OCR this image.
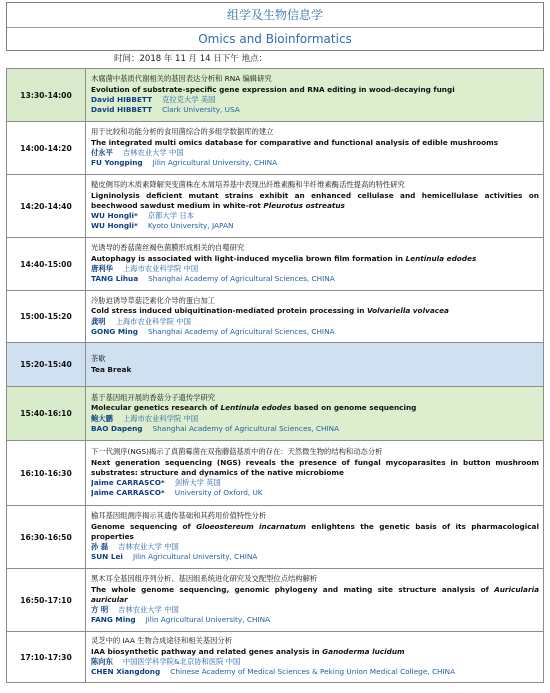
组学及生物信息学
Omics and Bioinformatics
时间：2018 年 11 月 14 日下午 地点：
13:30-14:00	木腐菌中基质代谢相关的基因表达分析和 RNA 编辑研究
Evolution of substrate-specific gene expression and RNA editing in wood-decaying fungi
David HIBBETT 克拉克大学 美国
David HIBBETT Clark University, USA

14:00-14:20	用于比较和功能分析的食用菌综合的多组学数据库的建立
The integrated multi omics database for comparative and functional analysis of edible mushrooms
付永平 吉林农业大学 中国
FU Yongping Jilin Agricultural University, CHINA

14:20-14:40	糙皮侧耳的木质素降解突变菌株在木屑培养基中表现出纤维素酶和半纤维素酶活性提高的特性研究
Ligninolysis deficient mutant strains exhibit an enhanced cellulase and hemicellulase activities on beechwood sawdust medium in white-rot Pleurotus ostreatus
WU Hongli* 京都大学 日本
WU Hongli* Kyoto University, JAPAN

14:40-15:00	光诱导的香菇菌丝褐色菌膜形成相关的自噬研究
Autophagy is associated with light-induced mycelia brown film formation in Lentinula edodes
唐利华 上海市农业科学院 中国
TANG Lihua Shanghai Academy of Agricultural Sciences, CHINA

15:00-15:20	冷胁迫诱导草菇泛素化介导的蛋白加工
Cold stress induced ubiquitination-mediated protein processing in Volvariella volvacea
龚明 上海市农业科学院 中国
GONG Ming Shanghai Academy of Agricultural Sciences, CHINA

15:20-15:40	茶歇
Tea Break

15:40-16:10	基于基因组开展的香菇分子遗传学研究
Molecular genetics research of Lentinula edodes based on genome sequencing
鲍大鹏 上海市农业科学院 中国
BAO Dapeng Shanghai Academy of Agricultural Sciences, CHINA

16:10-16:30	下一代测序(NGS)揭示了真菌霉菌在双孢蘑菇基质中的存在：天然微生物的结构和动态分析
Next generation sequencing (NGS) reveals the presence of fungal mycoparasites in button mushroom substrates: structure and dynamics of the native microbiome
Jaime CARRASCO* 剑桥大学 英国
Jaime CARRASCO* University of Oxford, UK

16:30-16:50	榆耳基因组测序揭示其遗传基础和其药用价值特性分析
Genome sequencing of Gloeostereum incarnatum enlightens the genetic basis of its pharmacological properties
孙 磊 吉林农业大学 中国
SUN Lei Jilin Agricultural University, CHINA

16:50-17:10	黑木耳全基因组序列分析、基因组系统进化研究及交配型位点结构解析
The whole genome sequencing, genomic phylogeny and mating site structure analysis of Auricularia auricular
方 明 吉林农业大学 中国
FANG Ming Jilin Agricultural University, CHINA

17:10-17:30	灵芝中的 IAA 生物合成途径和相关基因分析
IAA biosynthetic pathway and related genes analysis in Ganoderma lucidum
陈向东 中国医学科学院&北京协和医院 中国
CHEN Xiangdong Chinese Academy of Medical Sciences & Peking Union Medical College, CHINA
